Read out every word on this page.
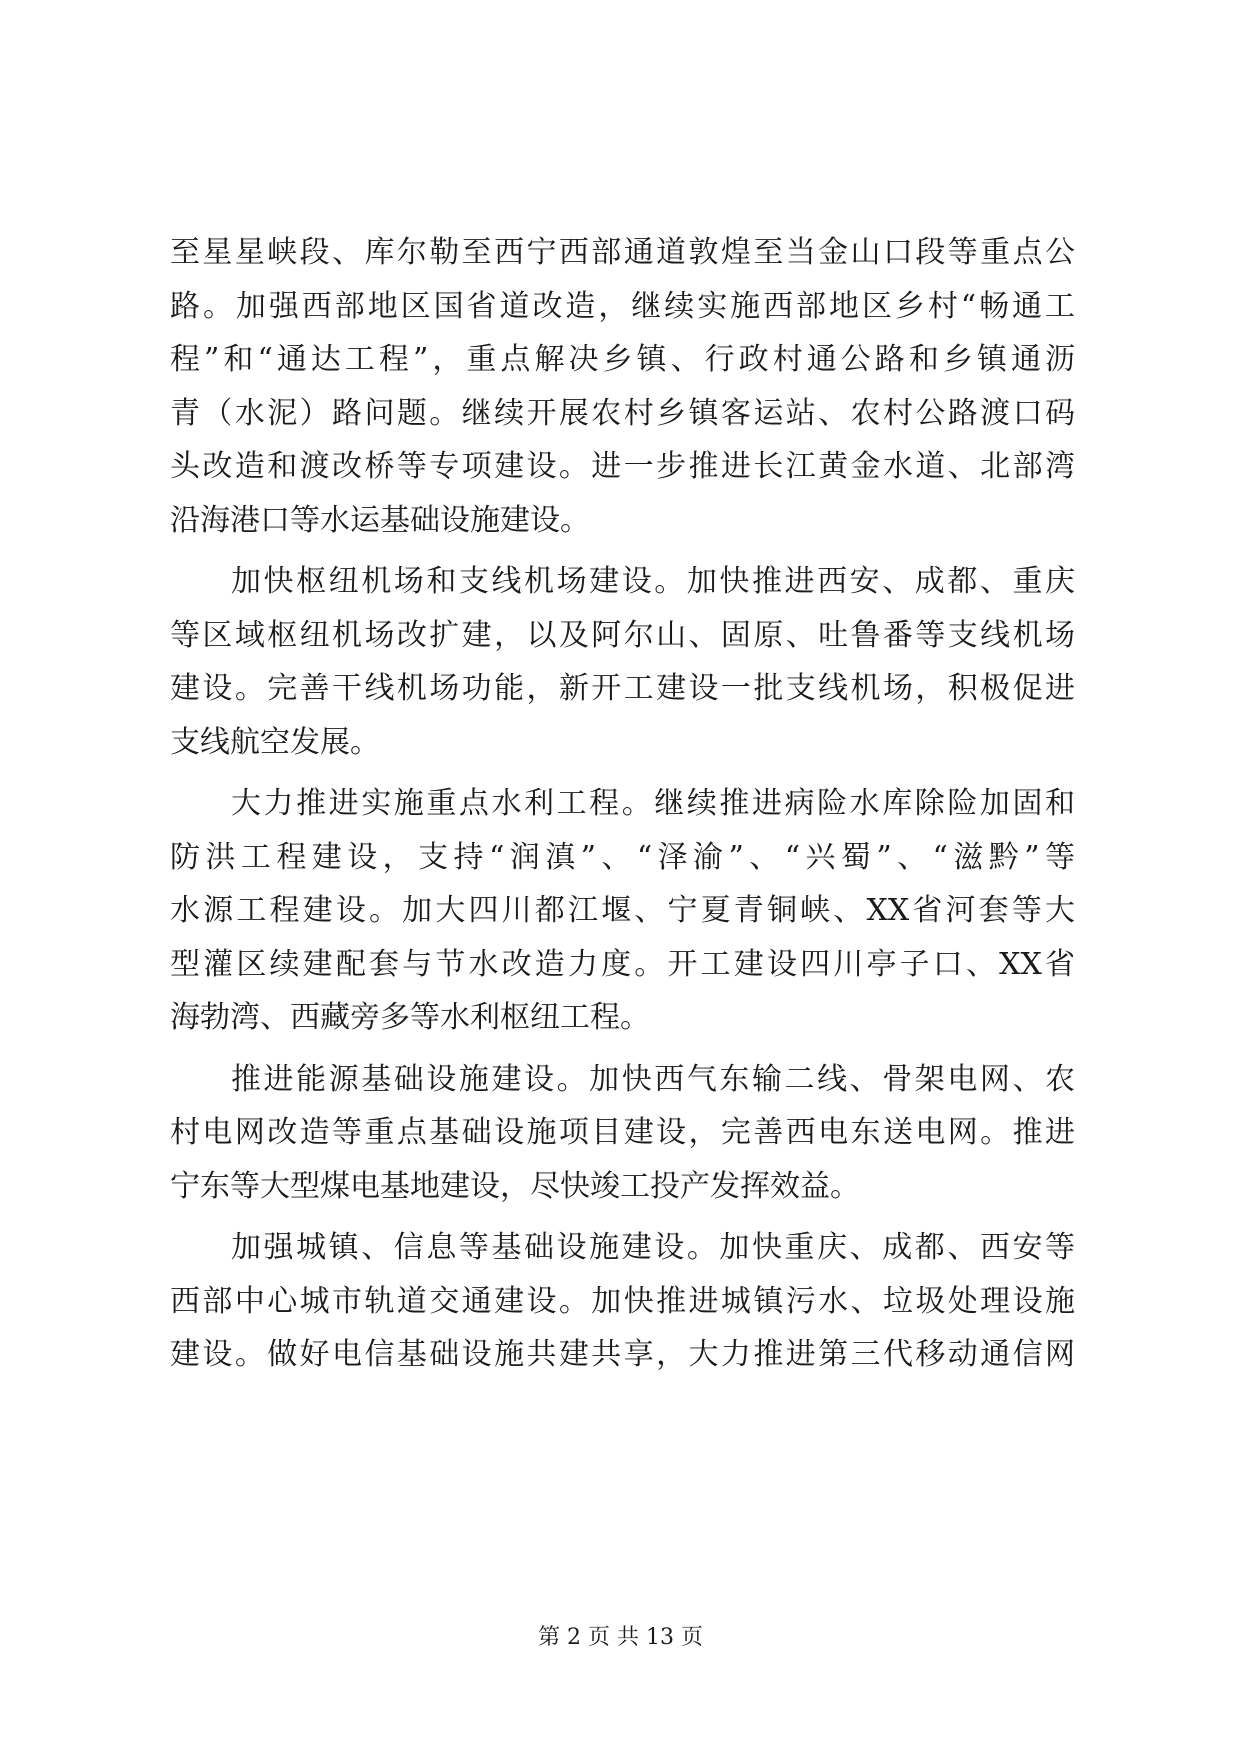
至星星峡段、库尔勒至西宁西部通道敦煌至当金山口段等重点公
路。加强西部地区国省道改造，继续实施西部地区乡村“畅通工
程”和“通达工程”，重点解决乡镇、行政村通公路和乡镇通沥
青（水泥）路问题。继续开展农村乡镇客运站、农村公路渡口码
头改造和渡改桥等专项建设。进一步推进长江黄金水道、北部湾
沿海港口等水运基础设施建设。
加快枢纽机场和支线机场建设。加快推进西安、成都、重庆
等区域枢纽机场改扩建，以及阿尔山、固原、吐鲁番等支线机场
建设。完善干线机场功能，新开工建设一批支线机场，积极促进
支线航空发展。
大力推进实施重点水利工程。继续推进病险水库除险加固和
防洪工程建设，支持“润滇”、“泽渝”、“兴蜀”、“滋黔”等
水源工程建设。加大四川都江堰、宁夏青铜峡、XX省河套等大
型灌区续建配套与节水改造力度。开工建设四川亭子口、XX省
海勃湾、西藏旁多等水利枢纽工程。
推进能源基础设施建设。加快西气东输二线、骨架电网、农
村电网改造等重点基础设施项目建设，完善西电东送电网。推进
宁东等大型煤电基地建设，尽快竣工投产发挥效益。
加强城镇、信息等基础设施建设。加快重庆、成都、西安等
西部中心城市轨道交通建设。加快推进城镇污水、垃圾处理设施
建设。做好电信基础设施共建共享，大力推进第三代移动通信网
第 2 页 共 13 页
